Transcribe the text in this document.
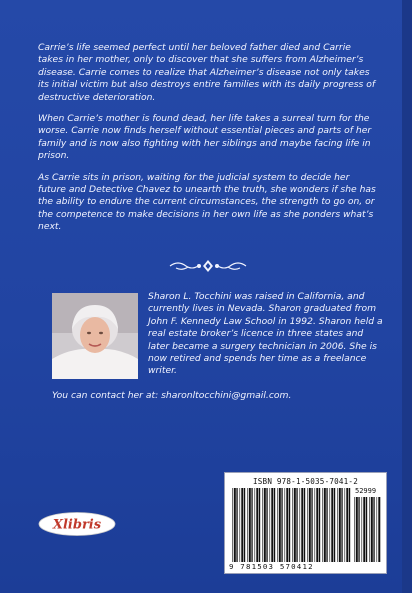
Carrie’s life seemed perfect until her beloved father died and Carrie takes in her mother, only to discover that she suffers from Alzheimer’s disease. Carrie comes to realize that Alzheimer’s disease not only takes its initial victim but also destroys entire families with its daily progress of destructive deterioration.

When Carrie’s mother is found dead, her life takes a surreal turn for the worse. Carrie now finds herself without essential pieces and parts of her family and is now also fighting with her siblings and maybe facing life in prison.

As Carrie sits in prison, waiting for the judicial system to decide her future and Detective Chavez to unearth the truth, she wonders if she has the ability to endure the current circumstances, the strength to go on, or the competence to make decisions in her own life as she ponders what’s next.

Sharon L. Tocchini was raised in California, and currently lives in Nevada. Sharon graduated from John F. Kennedy Law School in 1992. Sharon held a real estate broker’s licence in three states and later became a surgery technician in 2006. She is now retired and spends her time as a freelance writer.

You can contact her at: sharonltocchini@gmail.com.

Xlibris
ISBN 978-1-5035-7041-2
52999
9 781503 570412
